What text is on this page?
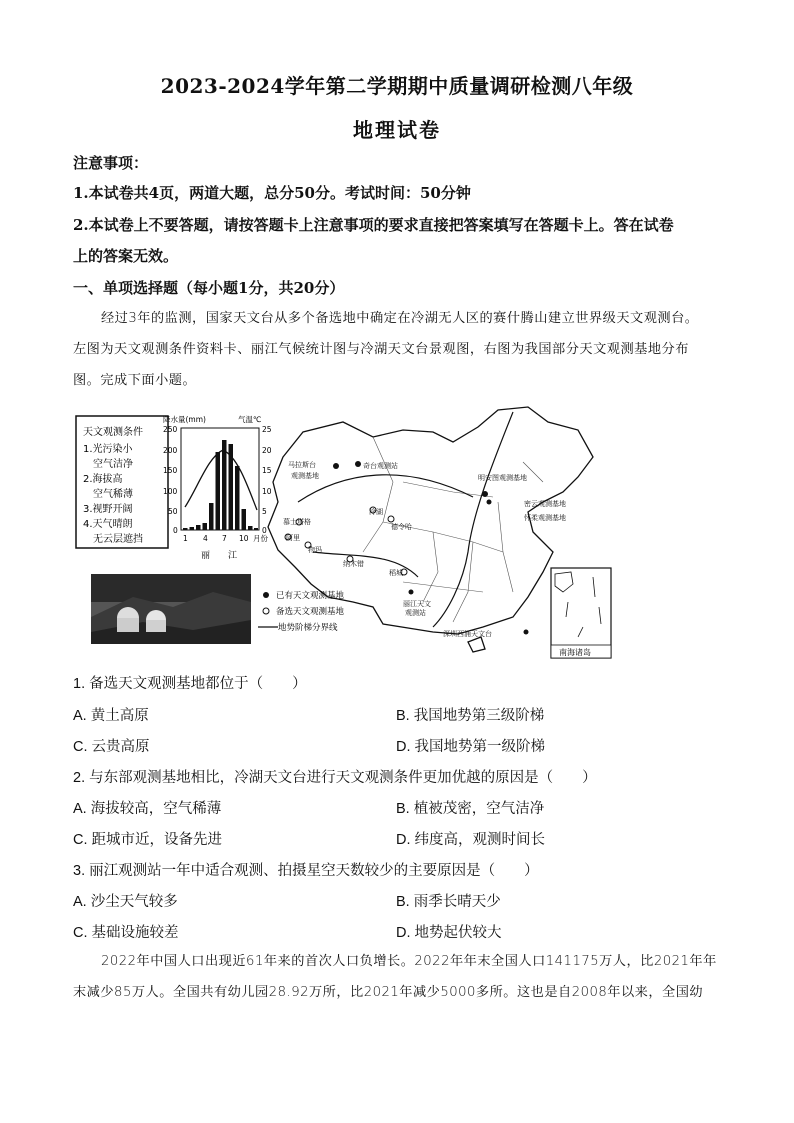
2023-2024学年第二学期期中质量调研检测八年级
地理试卷
注意事项：
1.本试卷共4页，两道大题，总分50分。考试时间：50分钟
2.本试卷上不要答题，请按答题卡上注意事项的要求直接把答案填写在答题卡上。答在试卷
上的答案无效。
一、单项选择题（每小题1分，共20分）
经过3年的监测，国家天文台从多个备选地中确定在冷湖无人区的赛什腾山建立世界级天文观测台。
左图为天文观测条件资料卡、丽江气候统计图与冷湖天文台景观图，右图为我国部分天文观测基地分布
图。完成下面小题。
天文观测条件
1.光污染小
空气洁净
2.海拔高
空气稀薄
3.视野开阔
4.天气晴朗
无云层遮挡
降水量(mm)	气温℃
250
200
150
100
50
0
25
20
15
10
5
0
1 4 7 10 月份
丽　　江
马拉斯台
观测基地
奇台观测站
冷湖
德令哈
明安图观测基地
密云观测基地
怀柔观测基地
慕士塔格
阿里
物玛
纳木错
稻城
丽江天文
观测站
深圳西涌天文台
已有天文观测基地
备选天文观测基地
地势阶梯分界线
南海诸岛
1. 备选天文观测基地都位于（　　）
A. 黄土高原	B. 我国地势第三级阶梯
C. 云贵高原	D. 我国地势第一级阶梯
2. 与东部观测基地相比，冷湖天文台进行天文观测条件更加优越的原因是（　　）
A. 海拔较高，空气稀薄	B. 植被茂密，空气洁净
C. 距城市近，设备先进	D. 纬度高，观测时间长
3. 丽江观测站一年中适合观测、拍摄星空天数较少的主要原因是（　　）
A. 沙尘天气较多	B. 雨季长晴天少
C. 基础设施较差	D. 地势起伏较大
2022年中国人口出现近61年来的首次人口负增长。2022年年末全国人口141175万人，比2021年年
末减少85万人。全国共有幼儿园28.92万所，比2021年减少5000多所。这也是自2008年以来，全国幼
